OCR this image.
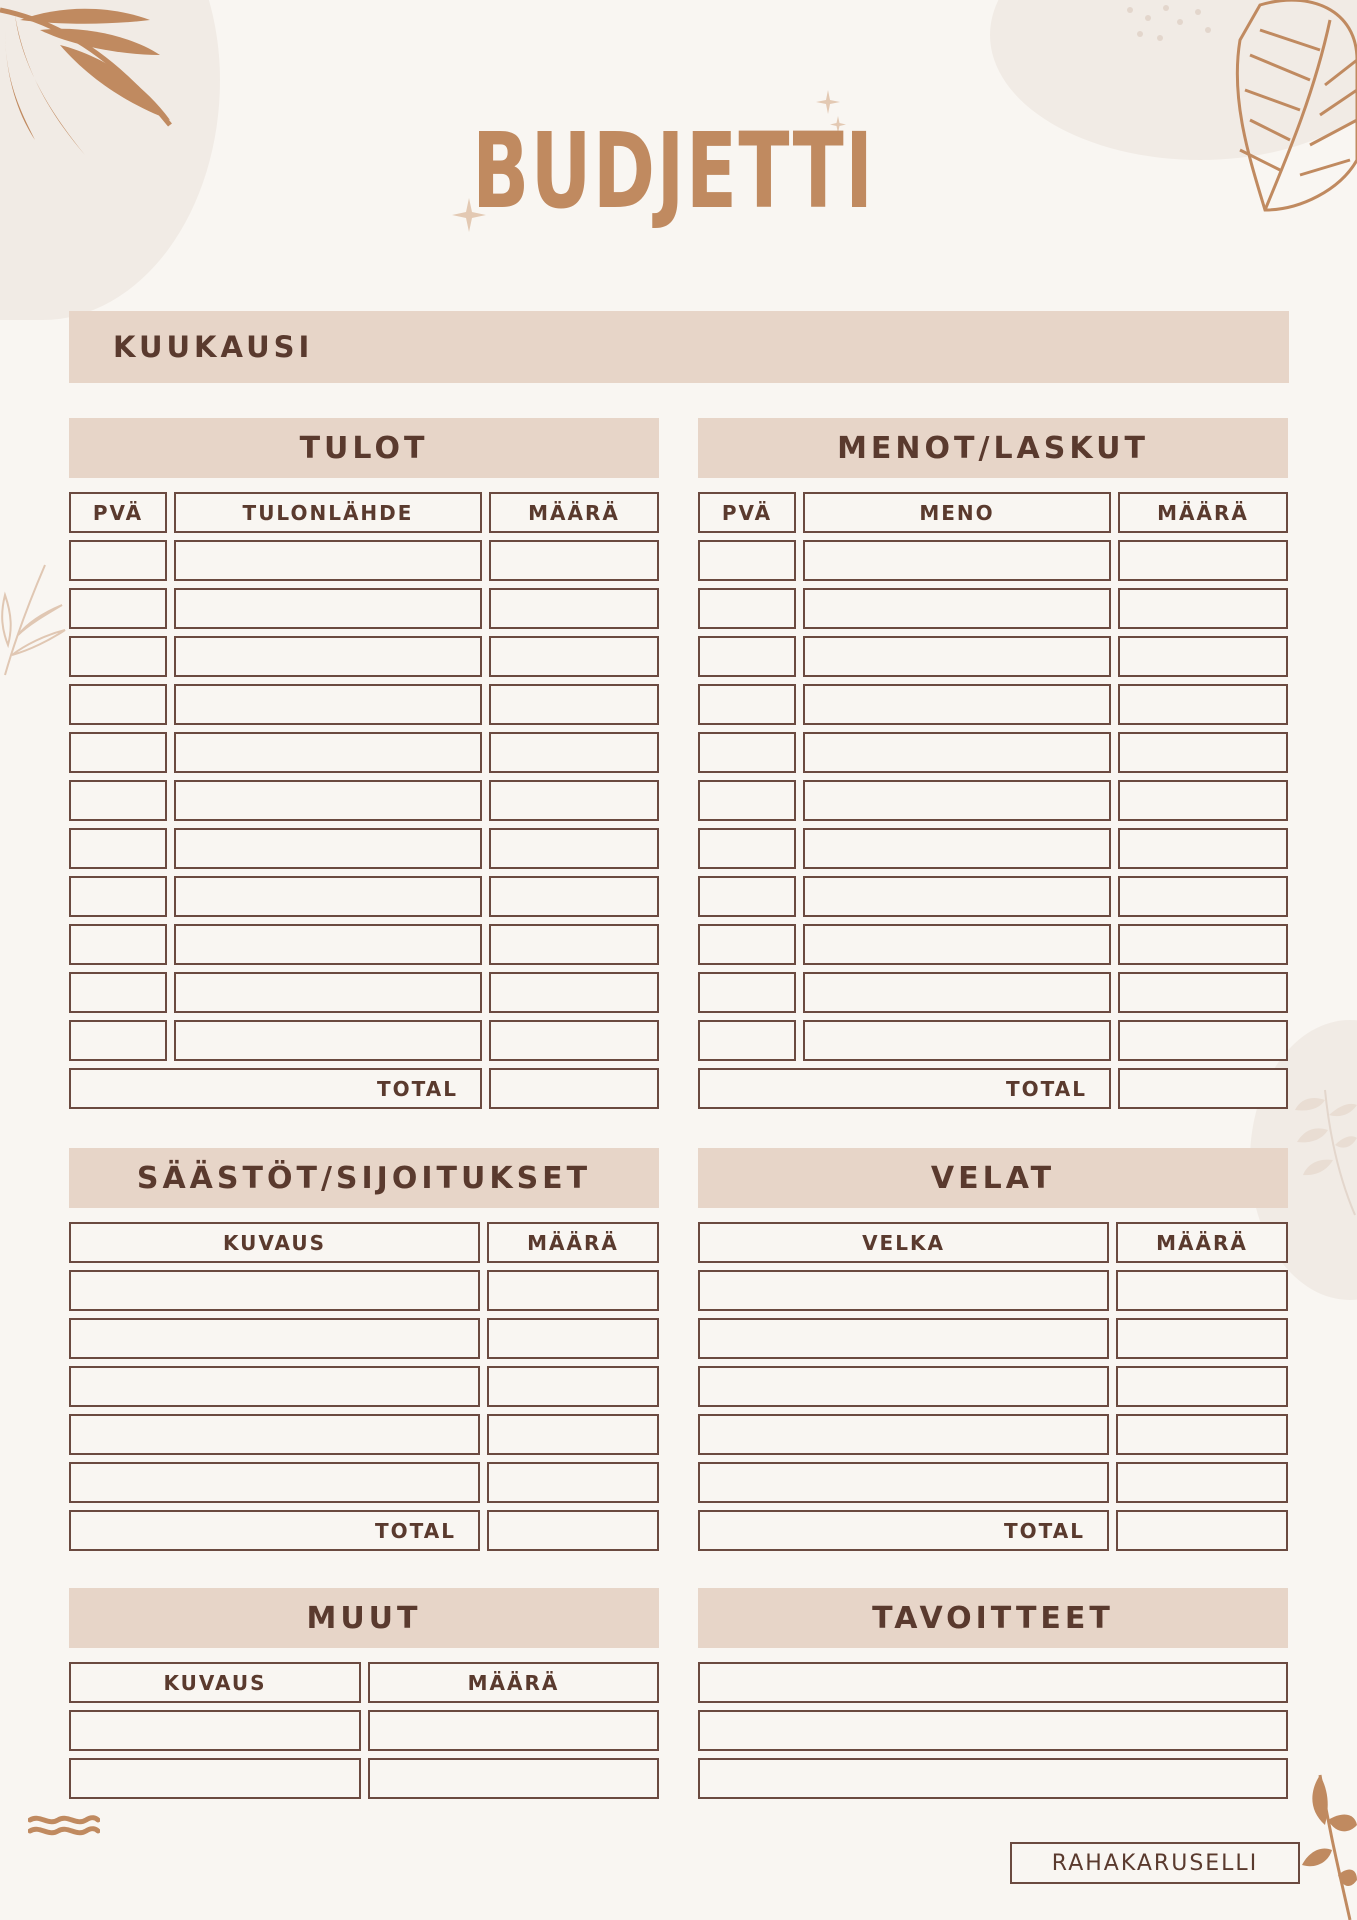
BUDJETTI
KUUKAUSI
TULOT
PVÄ	TULONLÄHDE	MÄÄRÄ
TOTAL
MENOT/LASKUT
PVÄ	MENO	MÄÄRÄ
TOTAL
SÄÄSTÖT/SIJOITUKSET
KUVAUS	MÄÄRÄ
TOTAL
VELAT
VELKA	MÄÄRÄ
TOTAL
MUUT
KUVAUS	MÄÄRÄ
TAVOITTEET
RAHAKARUSELLI
